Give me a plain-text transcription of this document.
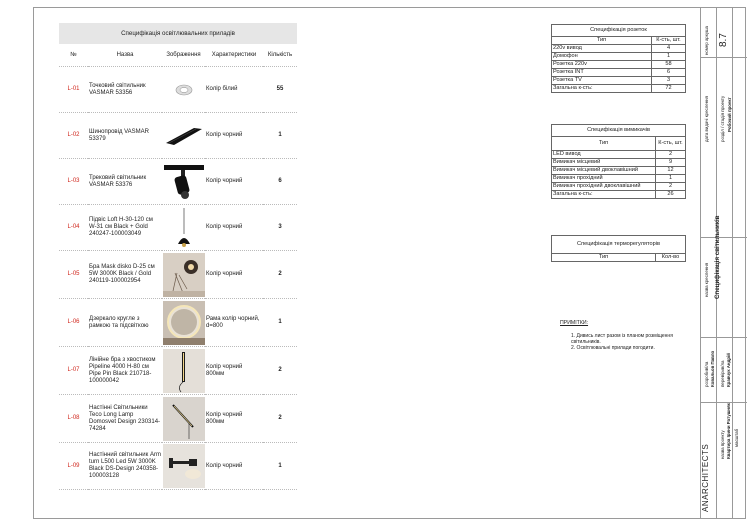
Специфікація освітлювальних приладів				
№	Назва	Зображення	Характеристики	Кількість
L-01	Точковий світильник VASMAR 53356		Колір білий	55
L-02	Шинопровід VASMAR 53379		Колір чорний	1
L-03	Трековий світильник VASMAR 53376		Колір чорний	6
L-04	Підвіс Loft H-30-120 см W-31 см Black + Gold 240247-100003049		Колір чорний	3
L-05	Бра Mask disko D-25 см 5W 3000K Black / Gold 240119-100002954		Колір чорний	2
L-06	Дзеркало кругле з рамкою та підсвіткою		Рама колір чорний, d=800	1
L-07	Лінійне бра з хвостиком Pipeline 4000 H-80 см Pipe Pin Black 210718-100000042		Колір чорний 800мм	2
L-08	Настінні Світильники Teco Long Lamp Domosvet Design 230314-74284		Колір чорний 800мм	2
L-09	Настінний світильник Arm turn L500 Led 5W 3000K Black DS-Design 240358-100003128		Колір чорний	1
Специфікація розеток	
Тип	К-сть, шт.
220v вивод	4
Домофон	1
Розетка 220v	58
Розетка INT	6
Розетка TV	3
Загальна к-сть:	72
Специфікація вимикачів	
Тип	К-сть, шт.
LED вивод	2
Вимикач місцевий	9
Вимикач місцевий двоклавішний	12
Вимикач прохідний	1
Вимикач прохідний двоклавішний	2
Загальна к-сть:	26
Специфікація терморегуляторів
Тип	Кол-во
ПРИМІТКИ:
1. Дивись лист разом із планом розміщення світильників.
2. Освітлювальні прилади погодити.
номер аркуша 8.7
дата видачі креслення	розділ / стадія проекту Робочий проект
назва креслення Специфікація світильників
розробив/ла Ковальов Павло перевірив/ла Кравчук Андрій
назва проекту Квартира Ірини Ратушняк масштаб
ANARCHITECTS
